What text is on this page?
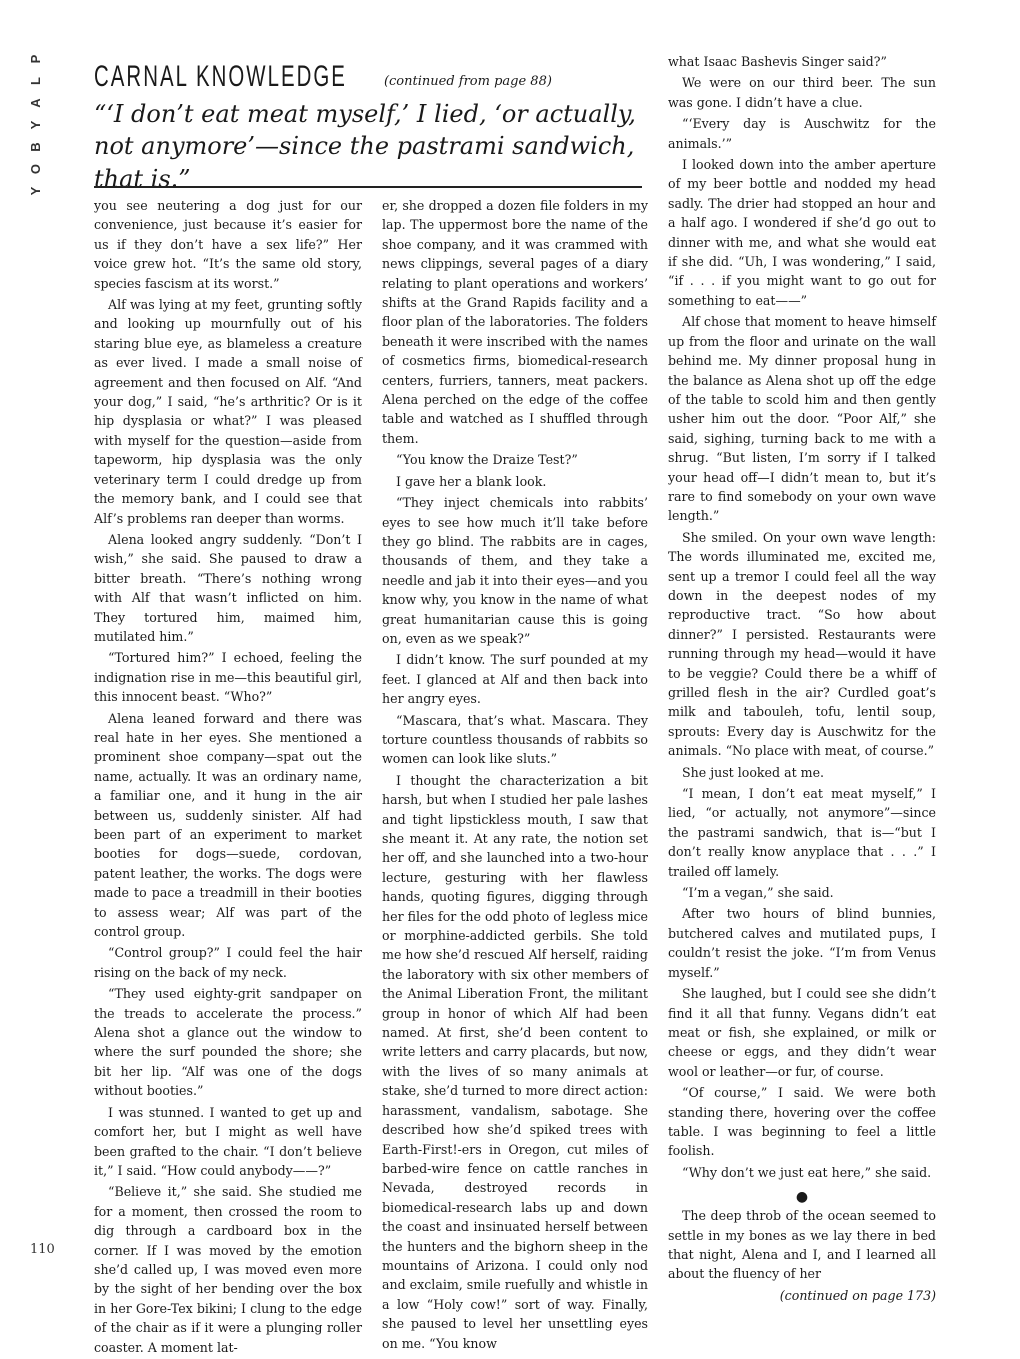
P
L
A
Y
B
O
Y
CARNAL KNOWLEDGE	(continued from page 88)

“‘I don’t eat meat myself,’ I lied, ‘or actually, not anymore’—since the pastrami sandwich, that is.”

you see neutering a dog just for our convenience, just because it’s easier for us if they don’t have a sex life?” Her voice grew hot. “It’s the same old story, species fascism at its worst.”

Alf was lying at my feet, grunting softly and looking up mournfully out of his staring blue eye, as blameless a creature as ever lived. I made a small noise of agreement and then focused on Alf. “And your dog,” I said, “he’s arthritic? Or is it hip dysplasia or what?” I was pleased with myself for the question—aside from tapeworm, hip dysplasia was the only veterinary term I could dredge up from the memory bank, and I could see that Alf’s problems ran deeper than worms.

Alena looked angry suddenly. “Don’t I wish,” she said. She paused to draw a bitter breath. “There’s nothing wrong with Alf that wasn’t inflicted on him. They tortured him, maimed him, mutilated him.”

“Tortured him?” I echoed, feeling the indignation rise in me—this beautiful girl, this innocent beast. “Who?”

Alena leaned forward and there was real hate in her eyes. She mentioned a prominent shoe company—spat out the name, actually. It was an ordinary name, a familiar one, and it hung in the air between us, suddenly sinister. Alf had been part of an experiment to market booties for dogs—suede, cordovan, patent leather, the works. The dogs were made to pace a treadmill in their booties to assess wear; Alf was part of the control group.

“Control group?” I could feel the hair rising on the back of my neck.

“They used eighty-grit sandpaper on the treads to accelerate the process.” Alena shot a glance out the window to where the surf pounded the shore; she bit her lip. “Alf was one of the dogs without booties.”

I was stunned. I wanted to get up and comfort her, but I might as well have been grafted to the chair. “I don’t believe it,” I said. “How could anybody——?”

“Believe it,” she said. She studied me for a moment, then crossed the room to dig through a cardboard box in the corner. If I was moved by the emotion she’d called up, I was moved even more by the sight of her bending over the box in her Gore-Tex bikini; I clung to the edge of the chair as if it were a plunging roller coaster. A moment lat-

er, she dropped a dozen file folders in my lap. The uppermost bore the name of the shoe company, and it was crammed with news clippings, several pages of a diary relating to plant operations and workers’ shifts at the Grand Rapids facility and a floor plan of the laboratories. The folders beneath it were inscribed with the names of cosmetics firms, biomedical-research centers, furriers, tanners, meat packers. Alena perched on the edge of the coffee table and watched as I shuffled through them.

“You know the Draize Test?”

I gave her a blank look.

“They inject chemicals into rabbits’ eyes to see how much it’ll take before they go blind. The rabbits are in cages, thousands of them, and they take a needle and jab it into their eyes—and you know why, you know in the name of what great humanitarian cause this is going on, even as we speak?”

I didn’t know. The surf pounded at my feet. I glanced at Alf and then back into her angry eyes.

“Mascara, that’s what. Mascara. They torture countless thousands of rabbits so women can look like sluts.”

I thought the characterization a bit harsh, but when I studied her pale lashes and tight lipstickless mouth, I saw that she meant it. At any rate, the notion set her off, and she launched into a two-hour lecture, gesturing with her flawless hands, quoting figures, digging through her files for the odd photo of legless mice or morphine-addicted gerbils. She told me how she’d rescued Alf herself, raiding the laboratory with six other members of the Animal Liberation Front, the militant group in honor of which Alf had been named. At first, she’d been content to write letters and carry placards, but now, with the lives of so many animals at stake, she’d turned to more direct action: harassment, vandalism, sabotage. She described how she’d spiked trees with Earth-First!-ers in Oregon, cut miles of barbed-wire fence on cattle ranches in Nevada, destroyed records in biomedical-research labs up and down the coast and insinuated herself between the hunters and the bighorn sheep in the mountains of Arizona. I could only nod and exclaim, smile ruefully and whistle in a low “Holy cow!” sort of way. Finally, she paused to level her unsettling eyes on me. “You know

what Isaac Bashevis Singer said?”

We were on our third beer. The sun was gone. I didn’t have a clue.

“‘Every day is Auschwitz for the animals.’”

I looked down into the amber aperture of my beer bottle and nodded my head sadly. The drier had stopped an hour and a half ago. I wondered if she’d go out to dinner with me, and what she would eat if she did. “Uh, I was wondering,” I said, “if . . . if you might want to go out for something to eat——”

Alf chose that moment to heave himself up from the floor and urinate on the wall behind me. My dinner proposal hung in the balance as Alena shot up off the edge of the table to scold him and then gently usher him out the door. “Poor Alf,” she said, sighing, turning back to me with a shrug. “But listen, I’m sorry if I talked your head off—I didn’t mean to, but it’s rare to find somebody on your own wave length.”

She smiled. On your own wave length: The words illuminated me, excited me, sent up a tremor I could feel all the way down in the deepest nodes of my reproductive tract. “So how about dinner?” I persisted. Restaurants were running through my head—would it have to be veggie? Could there be a whiff of grilled flesh in the air? Curdled goat’s milk and tabouleh, tofu, lentil soup, sprouts: Every day is Auschwitz for the animals. “No place with meat, of course.”

She just looked at me.

“I mean, I don’t eat meat myself,” I lied, “or actually, not anymore”—since the pastrami sandwich, that is—“but I don’t really know anyplace that . . .” I trailed off lamely.

“I’m a vegan,” she said.

After two hours of blind bunnies, butchered calves and mutilated pups, I couldn’t resist the joke. “I’m from Venus myself.”

She laughed, but I could see she didn’t find it all that funny. Vegans didn’t eat meat or fish, she explained, or milk or cheese or eggs, and they didn’t wear wool or leather—or fur, of course.

“Of course,” I said. We were both standing there, hovering over the coffee table. I was beginning to feel a little foolish.

“Why don’t we just eat here,” she said.

●

The deep throb of the ocean seemed to settle in my bones as we lay there in bed that night, Alena and I, and I learned all about the fluency of her

(continued on page 173)
110
